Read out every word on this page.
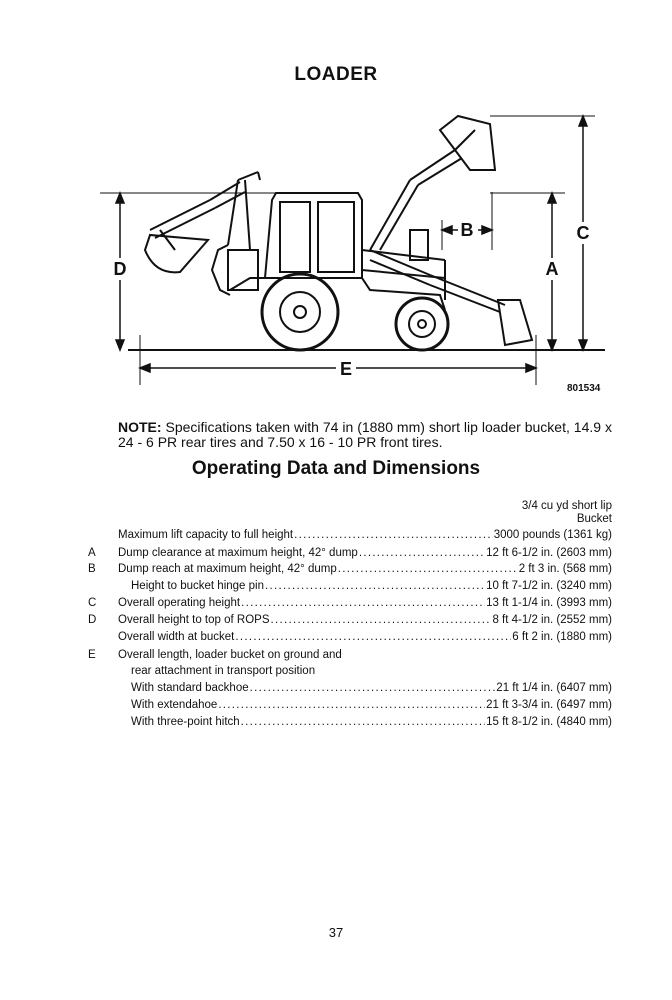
LOADER
D	A
C
B
E
801534
NOTE: Specifications taken with 74 in (1880 mm) short lip loader bucket, 14.9 x 24 - 6 PR rear tires and 7.50 x 16 - 10 PR front tires.
Operating Data and Dimensions
3/4 cu yd short lip
Bucket
Maximum lift capacity to full height .....	3000 pounds (1361 kg)
A	Dump clearance at maximum height, 42° dump .....	12 ft 6-1/2 in. (2603 mm)
B	Dump reach at maximum height, 42° dump .....	2 ft 3 in. (568 mm)
Height to bucket hinge pin .....	10 ft 7-1/2 in. (3240 mm)
C	Overall operating height .....	13 ft 1-1/4 in. (3993 mm)
D	Overall height to top of ROPS .....	8 ft 4-1/2 in. (2552 mm)
Overall width at bucket .....	6 ft 2 in. (1880 mm)
E	Overall length, loader bucket on ground and
rear attachment in transport position
With standard backhoe .....	21 ft 1/4 in. (6407 mm)
With extendahoe .....	21 ft 3-3/4 in. (6497 mm)
With three-point hitch .....	15 ft 8-1/2 in. (4840 mm)
37
